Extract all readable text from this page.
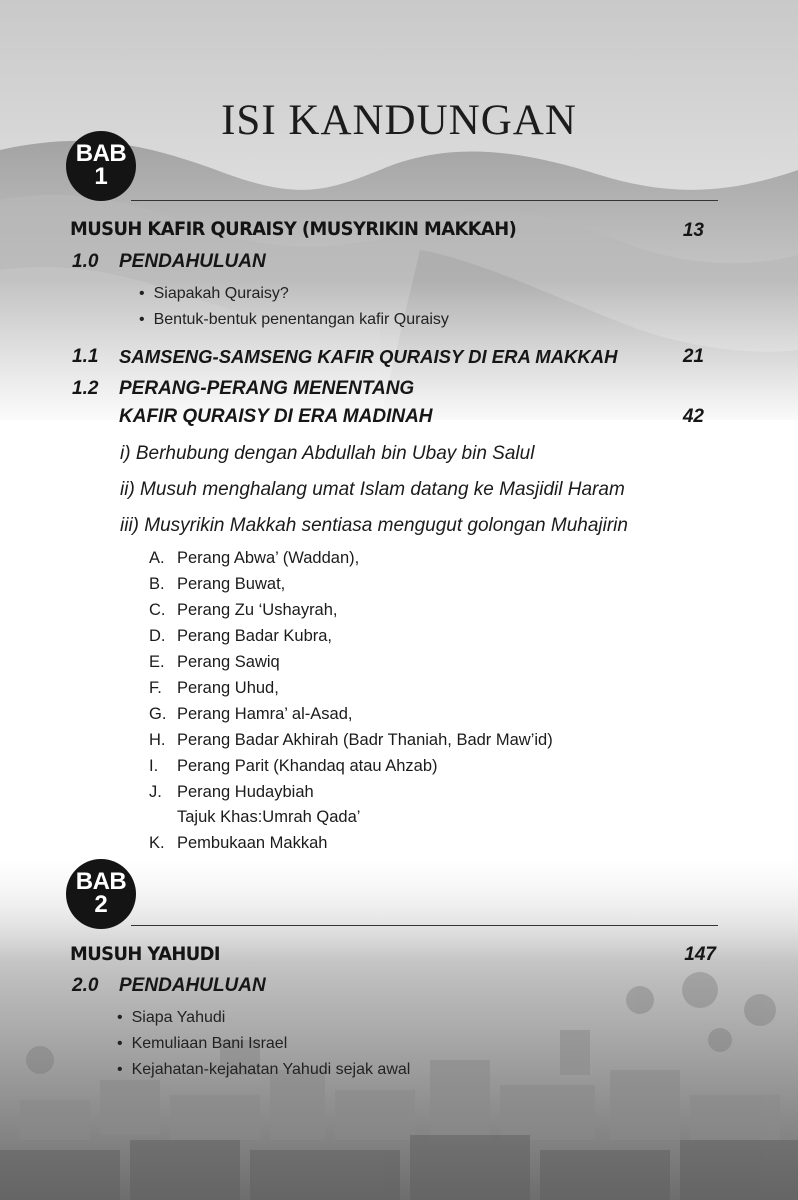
ISI KANDUNGAN
BAB
1
MUSUH KAFIR QURAISY (MUSYRIKIN MAKKAH)	13
1.0 PENDAHULUAN
• Siapakah Quraisy?
• Bentuk-bentuk penentangan kafir Quraisy
1.1 SAMSENG-SAMSENG KAFIR QURAISY DI ERA MAKKAH	21
1.2 PERANG-PERANG MENENTANG
KAFIR QURAISY DI ERA MADINAH	42
i) Berhubung dengan Abdullah bin Ubay bin Salul
ii) Musuh menghalang umat Islam datang ke Masjidil Haram
iii) Musyrikin Makkah sentiasa mengugut golongan Muhajirin
A. Perang Abwa’ (Waddan),
B. Perang Buwat,
C. Perang Zu ‘Ushayrah,
D. Perang Badar Kubra,
E. Perang Sawiq
F. Perang Uhud,
G. Perang Hamra’ al-Asad,
H. Perang Badar Akhirah (Badr Thaniah, Badr Maw’id)
I. Perang Parit (Khandaq atau Ahzab)
J. Perang Hudaybiah
Tajuk Khas:Umrah Qada’
K. Pembukaan Makkah
BAB
2
MUSUH YAHUDI	147
2.0 PENDAHULUAN
• Siapa Yahudi
• Kemuliaan Bani Israel
• Kejahatan-kejahatan Yahudi sejak awal
